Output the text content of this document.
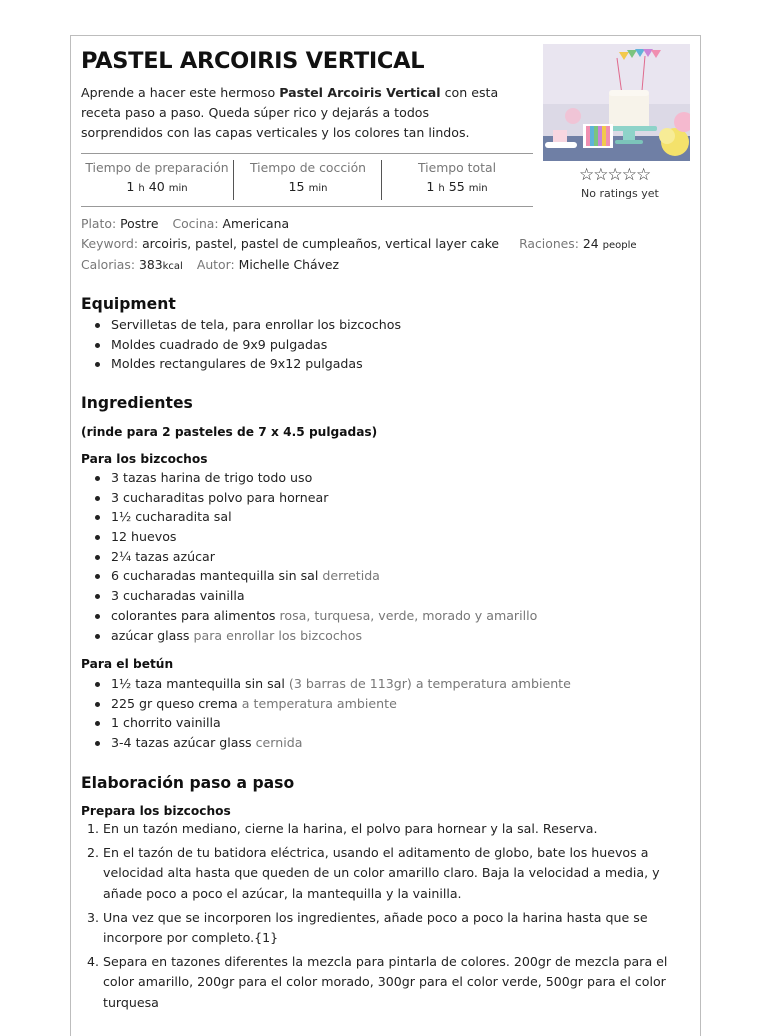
PASTEL ARCOIRIS VERTICAL
Aprende a hacer este hermoso Pastel Arcoiris Vertical con esta receta paso a paso. Queda súper rico y dejarás a todos sorprendidos con las capas verticales y los colores tan lindos.
☆☆☆☆☆
No ratings yet
Tiempo de preparación
1 h 40 min
Tiempo de cocción
15 min
Tiempo total
1 h 55 min
Plato: Postre Cocina: Americana
Keyword: arcoiris, pastel, pastel de cumpleaños, vertical layer cake Raciones: 24 people
Calorias: 383kcal Autor: Michelle Chávez
Equipment
Servilletas de tela, para enrollar los bizcochos
Moldes cuadrado de 9x9 pulgadas
Moldes rectangulares de 9x12 pulgadas
Ingredientes
(rinde para 2 pasteles de 7 x 4.5 pulgadas)
Para los bizcochos
3 tazas harina de trigo todo uso
3 cucharaditas polvo para hornear
1½ cucharadita sal
12 huevos
2¼ tazas azúcar
6 cucharadas mantequilla sin sal derretida
3 cucharadas vainilla
colorantes para alimentos rosa, turquesa, verde, morado y amarillo
azúcar glass para enrollar los bizcochos
Para el betún
1½ taza mantequilla sin sal (3 barras de 113gr) a temperatura ambiente
225 gr queso crema a temperatura ambiente
1 chorrito vainilla
3-4 tazas azúcar glass cernida
Elaboración paso a paso
Prepara los bizcochos
1. En un tazón mediano, cierne la harina, el polvo para hornear y la sal. Reserva.
2. En el tazón de tu batidora eléctrica, usando el aditamento de globo, bate los huevos a velocidad alta hasta que queden de un color amarillo claro. Baja la velocidad a media, y añade poco a poco el azúcar, la mantequilla y la vainilla.
3. Una vez que se incorporen los ingredientes, añade poco a poco la harina hasta que se incorpore por completo.{1}
4. Separa en tazones diferentes la mezcla para pintarla de colores. 200gr de mezcla para el color amarillo, 200gr para el color morado, 300gr para el color verde, 500gr para el color turquesa
